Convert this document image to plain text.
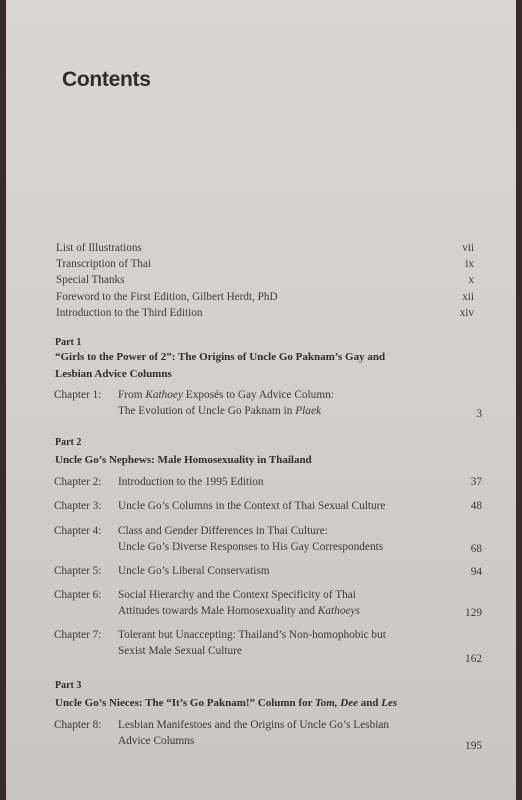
Contents
List of Illustrations	vii
Transcription of Thai	ix
Special Thanks	x
Foreword to the First Edition, Gilbert Herdt, PhD	xii
Introduction to the Third Edition	xiv
Part 1
“Girls to the Power of 2”: The Origins of Uncle Go Paknam’s Gay and
Lesbian Advice Columns
Chapter 1: From Kathoey Exposés to Gay Advice Column:
The Evolution of Uncle Go Paknam in Plaek	3
Part 2
Uncle Go’s Nephews: Male Homosexuality in Thailand
Chapter 2: Introduction to the 1995 Edition	37
Chapter 3: Uncle Go’s Columns in the Context of Thai Sexual Culture	48
Chapter 4: Class and Gender Differences in Thai Culture:
Uncle Go’s Diverse Responses to His Gay Correspondents	68
Chapter 5: Uncle Go’s Liberal Conservatism	94
Chapter 6: Social Hierarchy and the Context Specificity of Thai
Attitudes towards Male Homosexuality and Kathoeys	129
Chapter 7: Tolerant but Unaccepting: Thailand’s Non-homophobic but
Sexist Male Sexual Culture
162
Part 3
Uncle Go’s Nieces: The “It’s Go Paknam!” Column for Tom, Dee and Les
Chapter 8: Lesbian Manifestoes and the Origins of Uncle Go’s Lesbian
Advice Columns	195
